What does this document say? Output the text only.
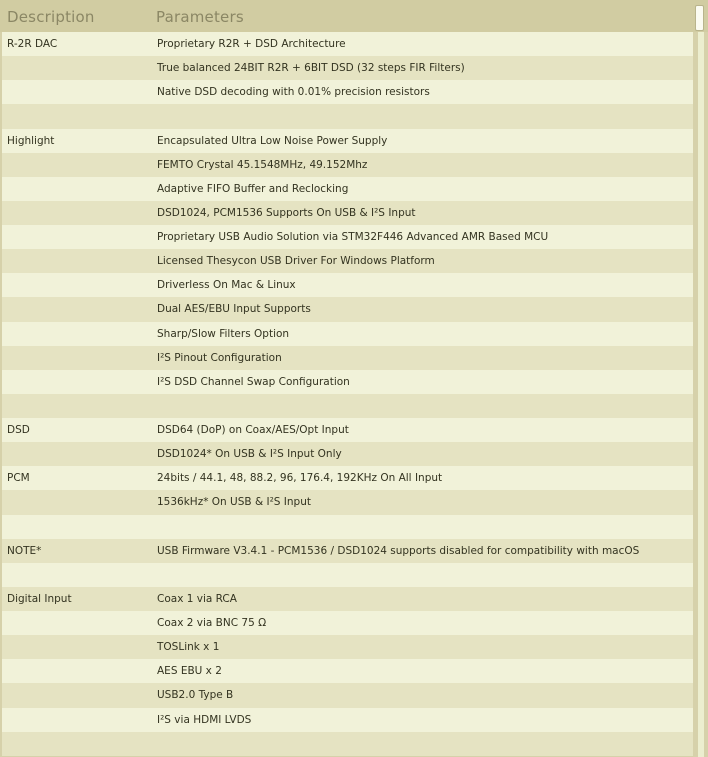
Description	Parameters
R-2R DAC	Proprietary R2R + DSD Architecture
True balanced 24BIT R2R + 6BIT DSD (32 steps FIR Filters)
Native DSD decoding with 0.01% precision resistors
Highlight	Encapsulated Ultra Low Noise Power Supply
FEMTO Crystal 45.1548MHz, 49.152Mhz
Adaptive FIFO Buffer and Reclocking
DSD1024, PCM1536 Supports On USB & I²S Input
Proprietary USB Audio Solution via STM32F446 Advanced AMR Based MCU
Licensed Thesycon USB Driver For Windows Platform
Driverless On Mac & Linux
Dual AES/EBU Input Supports
Sharp/Slow Filters Option
I²S Pinout Configuration
I²S DSD Channel Swap Configuration
DSD	DSD64 (DoP) on Coax/AES/Opt Input
DSD1024* On USB & I²S Input Only
PCM	24bits / 44.1, 48, 88.2, 96, 176.4, 192KHz On All Input
1536kHz* On USB & I²S Input
NOTE*	USB Firmware V3.4.1 - PCM1536 / DSD1024 supports disabled for compatibility with macOS
Digital Input	Coax 1 via RCA
Coax 2 via BNC 75 Ω
TOSLink x 1
AES EBU x 2
USB2.0 Type B
I²S via HDMI LVDS
